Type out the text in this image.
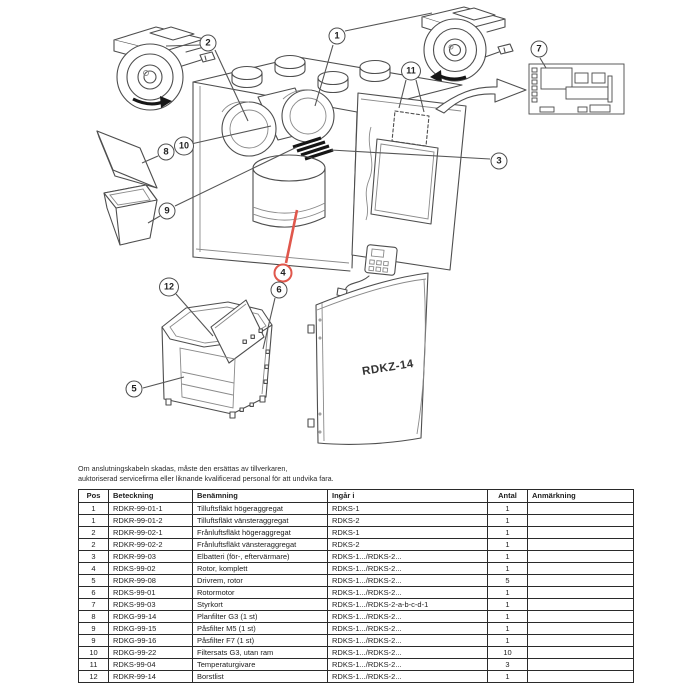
1
2
3
4
5
6
7
8
9
10
11
12
RDKZ-14
Om anslutningskabeln skadas, måste den ersättas av tillverkaren,
auktoriserad servicefirma eller liknande kvalificerad personal för att undvika fara.
Pos	Beteckning	Benämning	Ingår i	Antal	Anmärkning
1	RDKR-99-01-1	Tilluftsfläkt högeraggregat	RDKS-1	1	
1	RDKR-99-01-2	Tilluftsfläkt vänsteraggregat	RDKS-2	1	
2	RDKR-99-02-1	Frånluftsfläkt högeraggregat	RDKS-1	1	
2	RDKR-99-02-2	Frånluftsfläkt vänsteraggregat	RDKS-2	1	
3	RDKR-99-03	Elbatteri (för-, eftervärmare)	RDKS-1.../RDKS-2...	1	
4	RDKS-99-02	Rotor, komplett	RDKS-1.../RDKS-2...	1	
5	RDKR-99-08	Drivrem, rotor	RDKS-1.../RDKS-2...	5	
6	RDKS-99-01	Rotormotor	RDKS-1.../RDKS-2...	1	
7	RDKS-99-03	Styrkort	RDKS-1.../RDKS-2-a-b-c-d-1	1	
8	RDKG-99-14	Planfilter G3 (1 st)	RDKS-1.../RDKS-2...	1	
9	RDKG-99-15	Påsfilter M5 (1 st)	RDKS-1.../RDKS-2...	1	
9	RDKG-99-16	Påsfilter F7 (1 st)	RDKS-1.../RDKS-2...	1	
10	RDKG-99-22	Filtersats G3, utan ram	RDKS-1.../RDKS-2...	10	
11	RDKS-99-04	Temperaturgivare	RDKS-1.../RDKS-2...	3	
12	RDKR-99-14	Borstlist	RDKS-1.../RDKS-2...	1	
